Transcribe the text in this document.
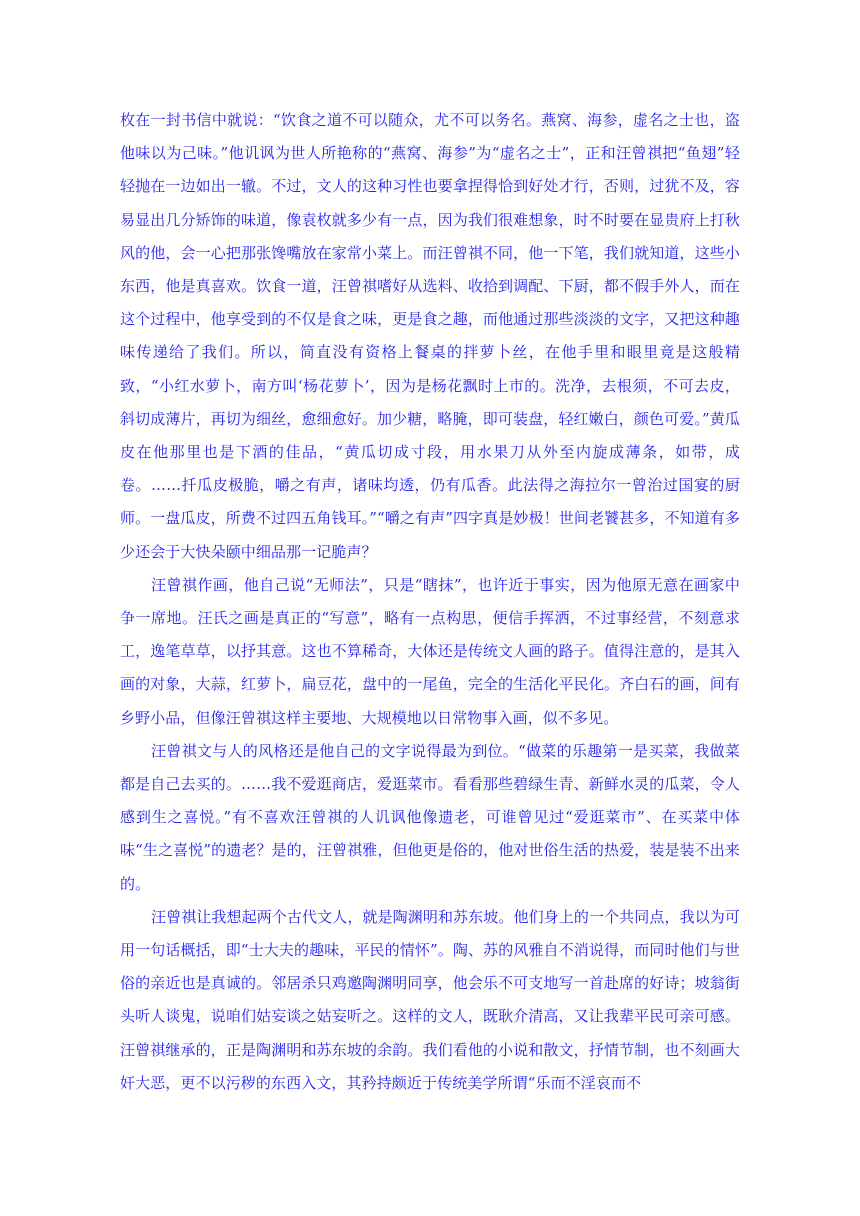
枚在一封书信中就说：“饮食之道不可以随众，尤不可以务名。燕窝、海参，虚名之士也，盗他味以为己味。”他讥讽为世人所艳称的“燕窝、海参”为“虚名之士”，正和汪曾祺把“鱼翅”轻轻抛在一边如出一辙。不过，文人的这种习性也要拿捏得恰到好处才行，否则，过犹不及，容易显出几分矫饰的味道，像袁枚就多少有一点，因为我们很难想象，时不时要在显贵府上打秋风的他，会一心把那张馋嘴放在家常小菜上。而汪曾祺不同，他一下笔，我们就知道，这些小东西，他是真喜欢。饮食一道，汪曾祺嗜好从选料、收拾到调配、下厨，都不假手外人，而在这个过程中，他享受到的不仅是食之味，更是食之趣，而他通过那些淡淡的文字，又把这种趣味传递给了我们。所以，简直没有资格上餐桌的拌萝卜丝，在他手里和眼里竟是这般精致，“小红水萝卜，南方叫‘杨花萝卜’，因为是杨花飘时上市的。洗净，去根须，不可去皮，斜切成薄片，再切为细丝，愈细愈好。加少糖，略腌，即可装盘，轻红嫩白，颜色可爱。”黄瓜皮在他那里也是下酒的佳品，“黄瓜切成寸段，用水果刀从外至内旋成薄条，如带，成卷。……扦瓜皮极脆，嚼之有声，诸味均透，仍有瓜香。此法得之海拉尔一曾治过国宴的厨师。一盘瓜皮，所费不过四五角钱耳。”“嚼之有声”四字真是妙极！世间老饕甚多，不知道有多少还会于大快朵颐中细品那一记脆声？

汪曾祺作画，他自己说“无师法”，只是“瞎抹”，也许近于事实，因为他原无意在画家中争一席地。汪氏之画是真正的“写意”，略有一点构思，便信手挥洒，不过事经营，不刻意求工，逸笔草草，以抒其意。这也不算稀奇，大体还是传统文人画的路子。值得注意的，是其入画的对象，大蒜，红萝卜，扁豆花，盘中的一尾鱼，完全的生活化平民化。齐白石的画，间有乡野小品，但像汪曾祺这样主要地、大规模地以日常物事入画，似不多见。

汪曾祺文与人的风格还是他自己的文字说得最为到位。“做菜的乐趣第一是买菜，我做菜都是自己去买的。……我不爱逛商店，爱逛菜市。看看那些碧绿生青、新鲜水灵的瓜菜，令人感到生之喜悦。”有不喜欢汪曾祺的人讥讽他像遗老，可谁曾见过“爱逛菜市”、在买菜中体味“生之喜悦”的遗老？是的，汪曾祺雅，但他更是俗的，他对世俗生活的热爱，装是装不出来的。

汪曾祺让我想起两个古代文人，就是陶渊明和苏东坡。他们身上的一个共同点，我以为可用一句话概括，即“士大夫的趣味，平民的情怀”。陶、苏的风雅自不消说得，而同时他们与世俗的亲近也是真诚的。邻居杀只鸡邀陶渊明同享，他会乐不可支地写一首赴席的好诗；坡翁街头听人谈鬼，说咱们姑妄谈之姑妄听之。这样的文人，既耿介清高，又让我辈平民可亲可感。汪曾祺继承的，正是陶渊明和苏东坡的余韵。我们看他的小说和散文，抒情节制，也不刻画大奸大恶，更不以污秽的东西入文，其矜持颇近于传统美学所谓“乐而不淫哀而不
